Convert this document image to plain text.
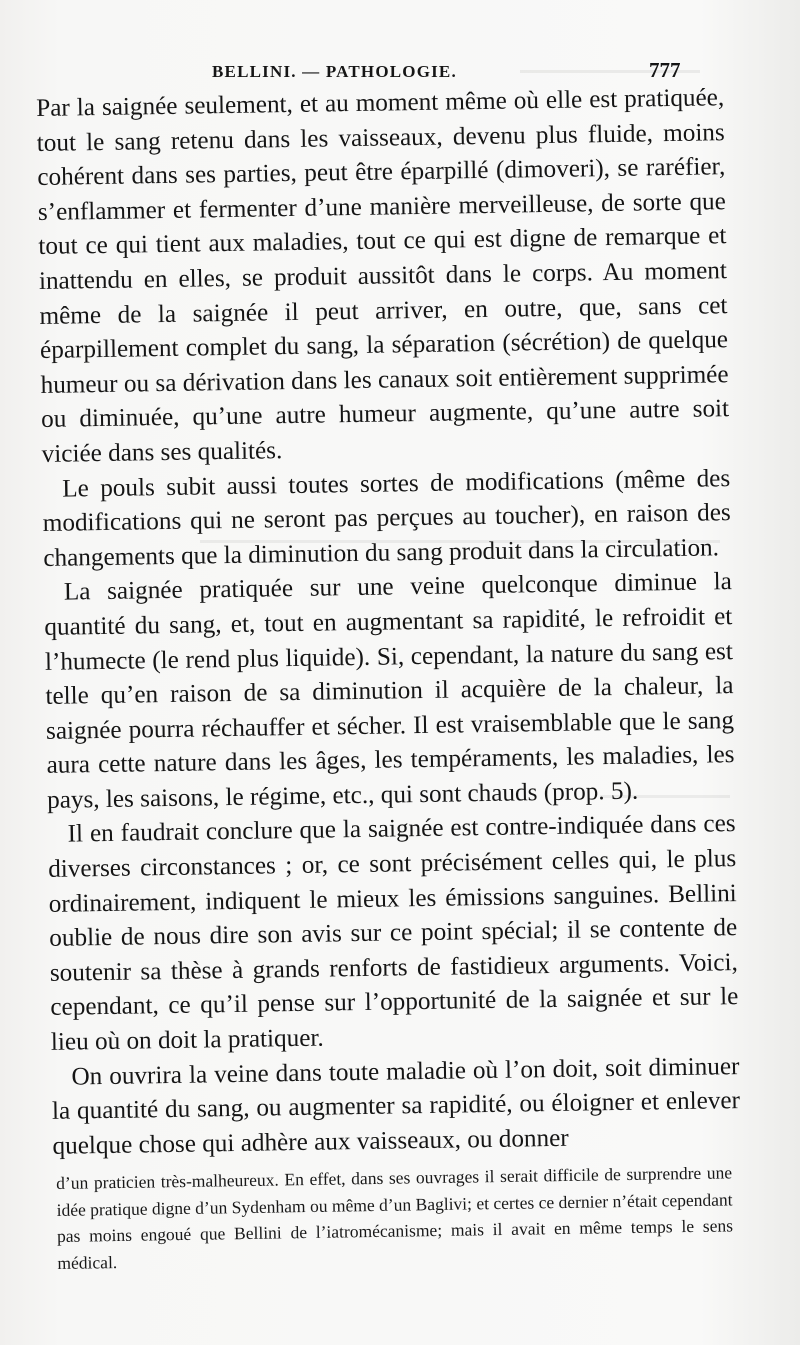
BELLINI. — PATHOLOGIE.	777

Par la saignée seulement, et au moment même où elle est pratiquée, tout le sang retenu dans les vaisseaux, devenu plus fluide, moins cohérent dans ses parties, peut être éparpillé (dimoveri), se raréfier, s’enflammer et fermenter d’une manière merveilleuse, de sorte que tout ce qui tient aux maladies, tout ce qui est digne de remarque et inattendu en elles, se produit aussitôt dans le corps. Au moment même de la saignée il peut arriver, en outre, que, sans cet éparpillement complet du sang, la séparation (sécrétion) de quelque humeur ou sa dérivation dans les canaux soit entièrement supprimée ou diminuée, qu’une autre humeur augmente, qu’une autre soit viciée dans ses qualités.

Le pouls subit aussi toutes sortes de modifications (même des modifications qui ne seront pas perçues au toucher), en raison des changements que la diminution du sang produit dans la circulation.

La saignée pratiquée sur une veine quelconque diminue la quantité du sang, et, tout en augmentant sa rapidité, le refroidit et l’humecte (le rend plus liquide). Si, cependant, la nature du sang est telle qu’en raison de sa diminution il acquière de la chaleur, la saignée pourra réchauffer et sécher. Il est vraisemblable que le sang aura cette nature dans les âges, les tempéraments, les maladies, les pays, les saisons, le régime, etc., qui sont chauds (prop. 5).

Il en faudrait conclure que la saignée est contre-indiquée dans ces diverses circonstances ; or, ce sont précisément celles qui, le plus ordinairement, indiquent le mieux les émissions sanguines. Bellini oublie de nous dire son avis sur ce point spécial; il se contente de soutenir sa thèse à grands renforts de fastidieux arguments. Voici, cependant, ce qu’il pense sur l’opportunité de la saignée et sur le lieu où on doit la pratiquer.

On ouvrira la veine dans toute maladie où l’on doit, soit diminuer la quantité du sang, ou augmenter sa rapidité, ou éloigner et enlever quelque chose qui adhère aux vaisseaux, ou donner

d’un praticien très-malheureux. En effet, dans ses ouvrages il serait difficile de surprendre une idée pratique digne d’un Sydenham ou même d’un Baglivi; et certes ce dernier n’était cependant pas moins engoué que Bellini de l’iatromécanisme; mais il avait en même temps le sens médical.
